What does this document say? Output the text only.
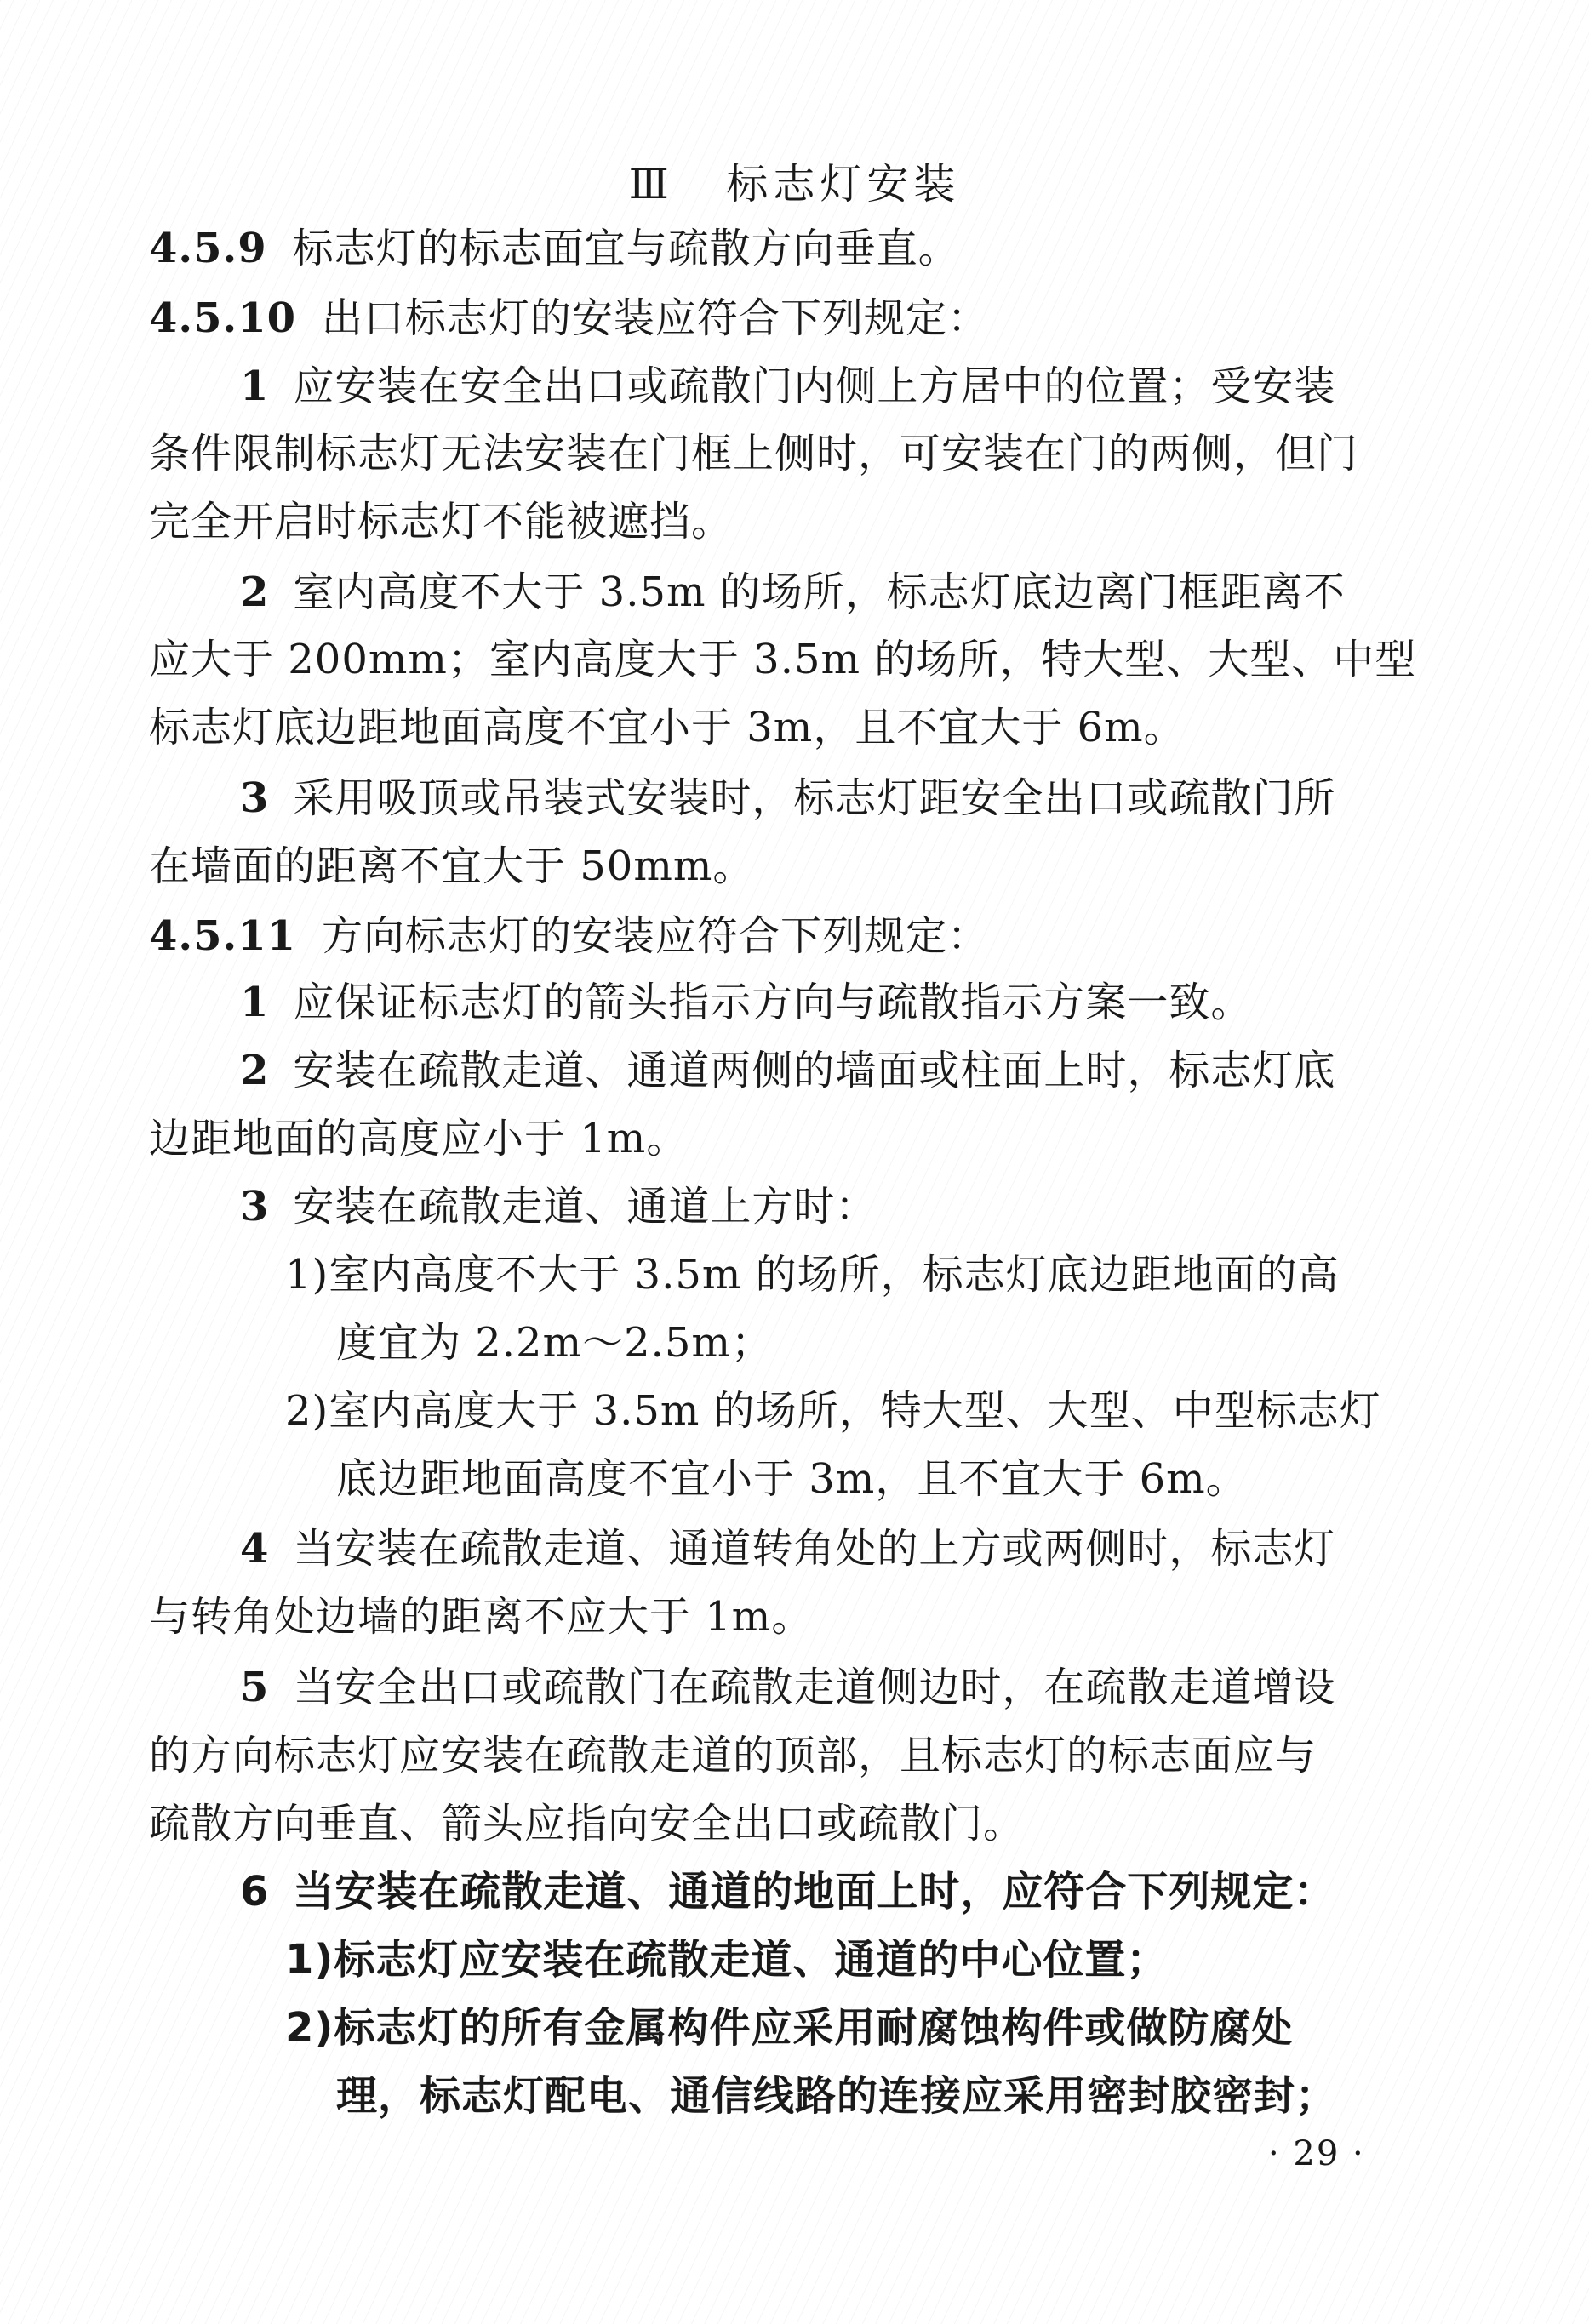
Ⅲ 标志灯安装
4.5.9 标志灯的标志面宜与疏散方向垂直。
4.5.10 出口标志灯的安装应符合下列规定：
1 应安装在安全出口或疏散门内侧上方居中的位置；受安装
条件限制标志灯无法安装在门框上侧时，可安装在门的两侧，但门
完全开启时标志灯不能被遮挡。
2 室内高度不大于 3.5m 的场所，标志灯底边离门框距离不
应大于 200mm；室内高度大于 3.5m 的场所，特大型、大型、中型
标志灯底边距地面高度不宜小于 3m，且不宜大于 6m。
3 采用吸顶或吊装式安装时，标志灯距安全出口或疏散门所
在墙面的距离不宜大于 50mm。
4.5.11 方向标志灯的安装应符合下列规定：
1 应保证标志灯的箭头指示方向与疏散指示方案一致。
2 安装在疏散走道、通道两侧的墙面或柱面上时，标志灯底
边距地面的高度应小于 1m。
3 安装在疏散走道、通道上方时：
1)室内高度不大于 3.5m 的场所，标志灯底边距地面的高
度宜为 2.2m～2.5m；
2)室内高度大于 3.5m 的场所，特大型、大型、中型标志灯
底边距地面高度不宜小于 3m，且不宜大于 6m。
4 当安装在疏散走道、通道转角处的上方或两侧时，标志灯
与转角处边墙的距离不应大于 1m。
5 当安全出口或疏散门在疏散走道侧边时，在疏散走道增设
的方向标志灯应安装在疏散走道的顶部，且标志灯的标志面应与
疏散方向垂直、箭头应指向安全出口或疏散门。
6 当安装在疏散走道、通道的地面上时，应符合下列规定：
1)标志灯应安装在疏散走道、通道的中心位置；
2)标志灯的所有金属构件应采用耐腐蚀构件或做防腐处
理，标志灯配电、通信线路的连接应采用密封胶密封；
· 29 ·
